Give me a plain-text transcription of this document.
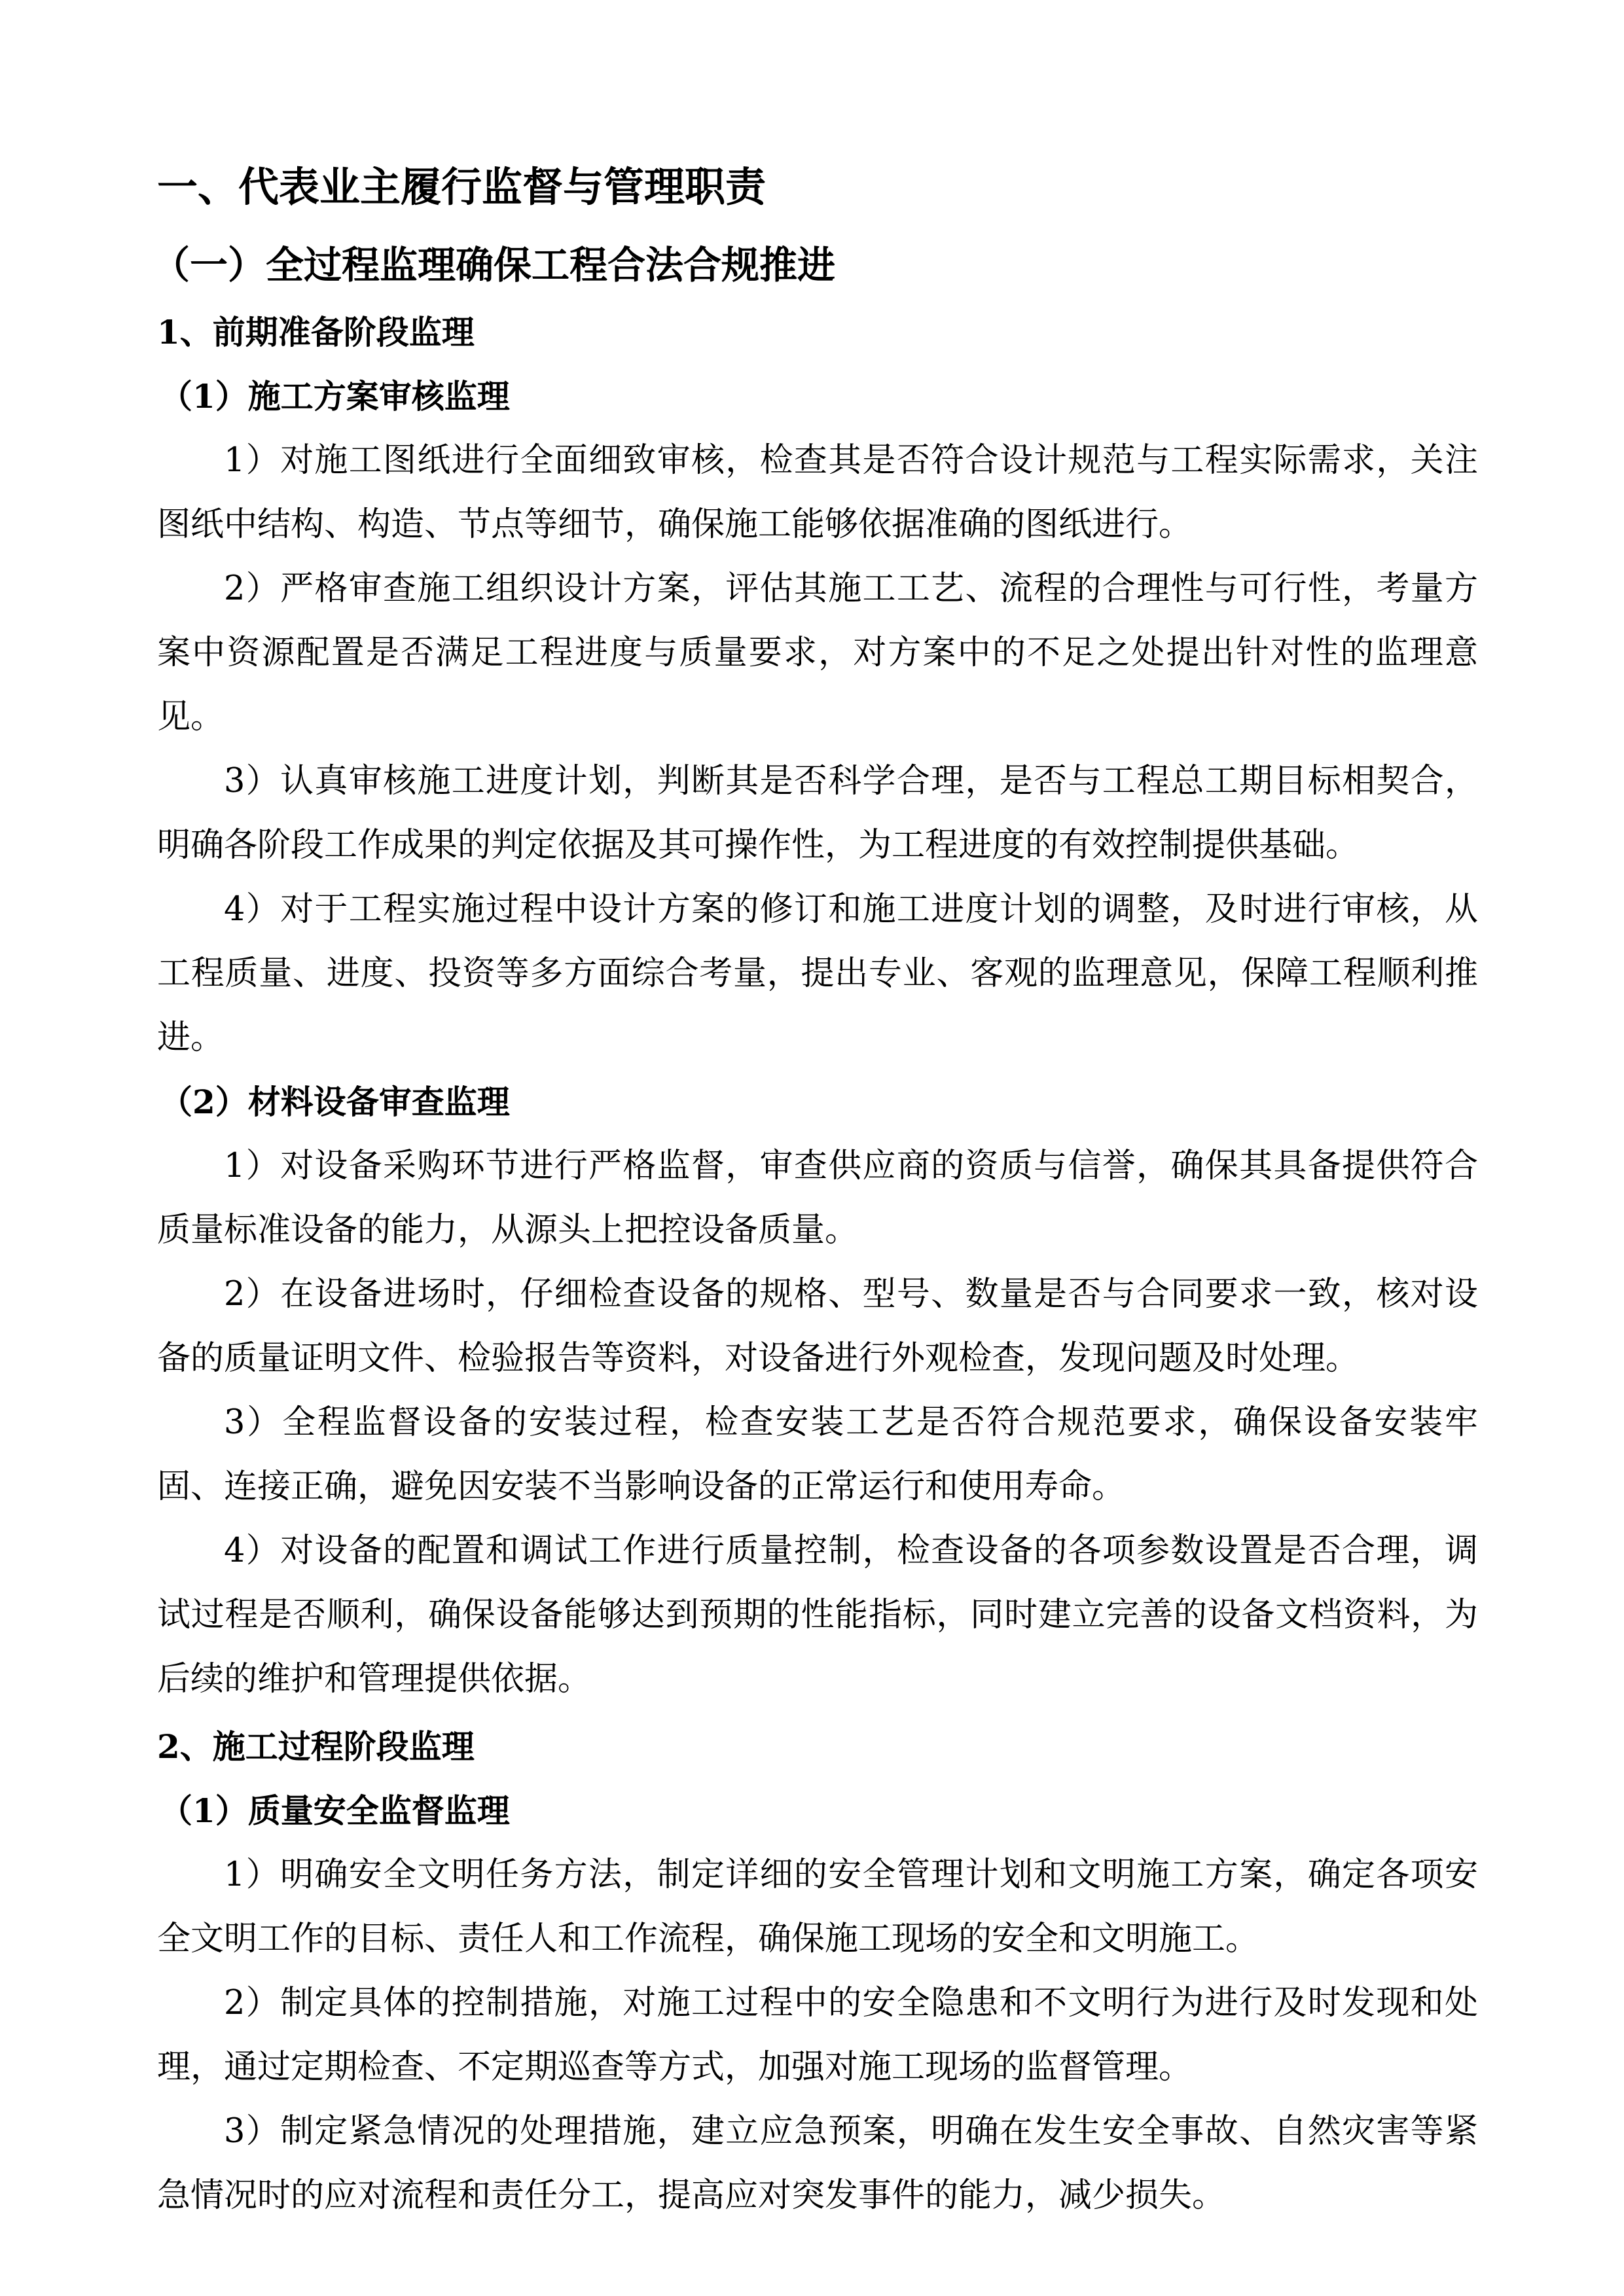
一、代表业主履行监督与管理职责
（一）全过程监理确保工程合法合规推进
1、前期准备阶段监理
（1）施工方案审核监理

1）对施工图纸进行全面细致审核，检查其是否符合设计规范与工程实际需求，关注图纸中结构、构造、节点等细节，确保施工能够依据准确的图纸进行。

2）严格审查施工组织设计方案，评估其施工工艺、流程的合理性与可行性，考量方案中资源配置是否满足工程进度与质量要求，对方案中的不足之处提出针对性的监理意见。

3）认真审核施工进度计划，判断其是否科学合理，是否与工程总工期目标相契合，明确各阶段工作成果的判定依据及其可操作性，为工程进度的有效控制提供基础。

4）对于工程实施过程中设计方案的修订和施工进度计划的调整，及时进行审核，从工程质量、进度、投资等多方面综合考量，提出专业、客观的监理意见，保障工程顺利推进。

（2）材料设备审查监理

1）对设备采购环节进行严格监督，审查供应商的资质与信誉，确保其具备提供符合质量标准设备的能力，从源头上把控设备质量。

2）在设备进场时，仔细检查设备的规格、型号、数量是否与合同要求一致，核对设备的质量证明文件、检验报告等资料，对设备进行外观检查，发现问题及时处理。

3）全程监督设备的安装过程，检查安装工艺是否符合规范要求，确保设备安装牢固、连接正确，避免因安装不当影响设备的正常运行和使用寿命。

4）对设备的配置和调试工作进行质量控制，检查设备的各项参数设置是否合理，调试过程是否顺利，确保设备能够达到预期的性能指标，同时建立完善的设备文档资料，为后续的维护和管理提供依据。

2、施工过程阶段监理
（1）质量安全监督监理

1）明确安全文明任务方法，制定详细的安全管理计划和文明施工方案，确定各项安全文明工作的目标、责任人和工作流程，确保施工现场的安全和文明施工。

2）制定具体的控制措施，对施工过程中的安全隐患和不文明行为进行及时发现和处理，通过定期检查、不定期巡查等方式，加强对施工现场的监督管理。

3）制定紧急情况的处理措施，建立应急预案，明确在发生安全事故、自然灾害等紧急情况时的应对流程和责任分工，提高应对突发事件的能力，减少损失。
